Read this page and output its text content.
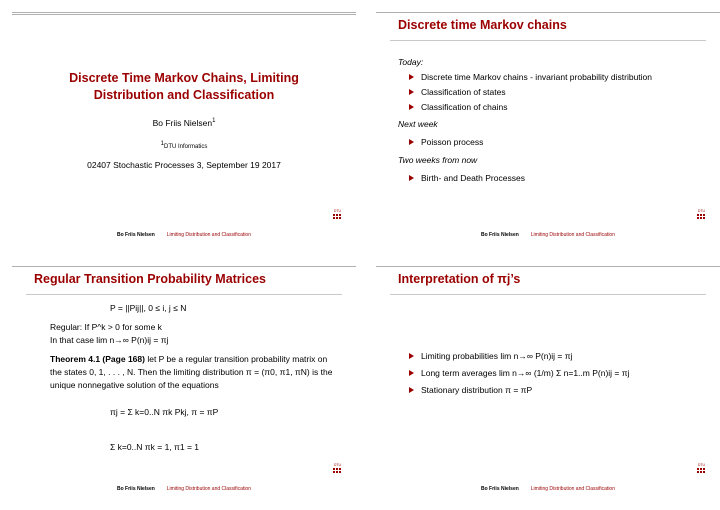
Discrete Time Markov Chains, Limiting
Distribution and Classification
Bo Friis Nielsen$^1$
$^1$DTU Informatics
02407 Stochastic Processes 3, September 19 2017
DTU
Bo Friis Nielsen Limiting Distribution and Classification
Discrete time Markov chains
Today:
Discrete time Markov chains - invariant probability distribution
Classification of states
Classification of chains
Next week
Poisson process
Two weeks from now
Birth- and Death Processes
DTU
Bo Friis Nielsen Limiting Distribution and Classification
Regular Transition Probability Matrices
P = ||Pij||, 0 ≤ i, j ≤ N
Regular: If P^k > 0 for some k
In that case lim n→∞ P(n)ij = πj
Theorem 4.1 (Page 168) let P be a regular transition probability matrix on the states 0, 1, . . . , N. Then the limiting distribution π = (π0, π1, πN) is the unique nonnegative solution of the equations
πj = Σ k=0..N πk Pkj, π = πP
Σ k=0..N πk = 1, π1 = 1
DTU
Bo Friis Nielsen Limiting Distribution and Classification
Interpretation of πj’s
Limiting probabilities lim n→∞ P(n)ij = πj
Long term averages lim n→∞ (1/m) Σ n=1..m P(n)ij = πj
Stationary distribution π = πP
DTU
Bo Friis Nielsen Limiting Distribution and Classification
